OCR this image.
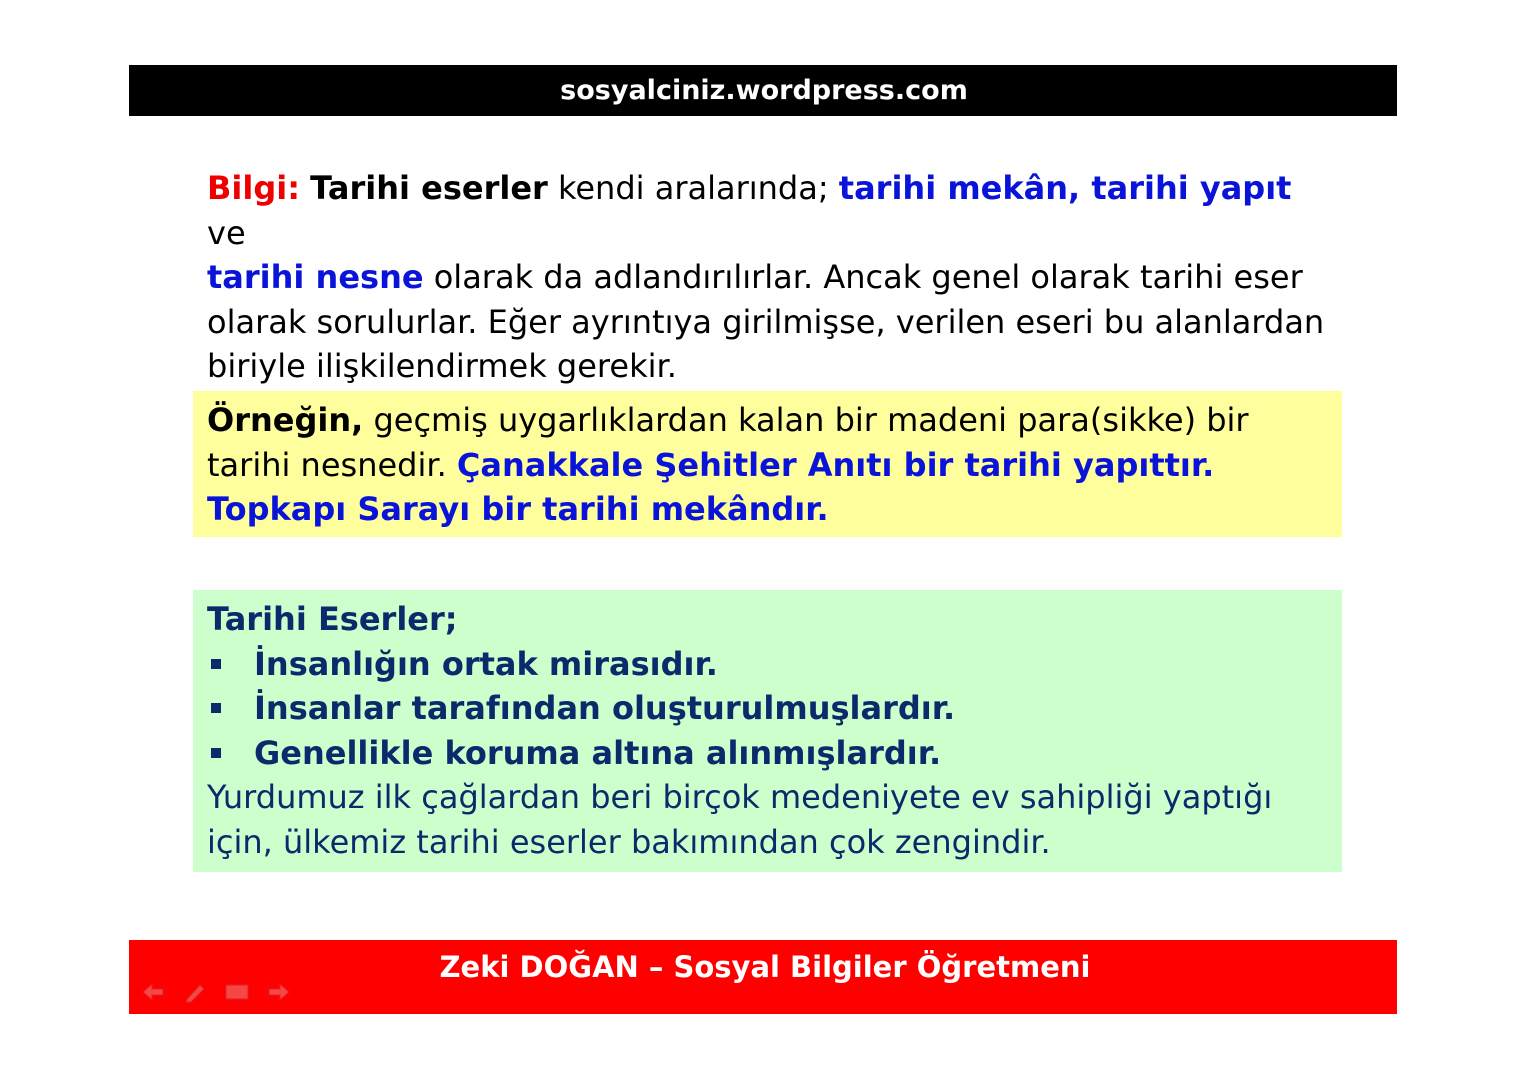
sosyalciniz.wordpress.com
Bilgi: Tarihi eserler kendi aralarında; tarihi mekân, tarihi yapıt ve
tarihi nesne olarak da adlandırılırlar. Ancak genel olarak tarihi eser olarak sorulurlar. Eğer ayrıntıya girilmişse, verilen eseri bu alanlardan biriyle ilişkilendirmek gerekir.
Örneğin, geçmiş uygarlıklardan kalan bir madeni para(sikke) bir tarihi nesnedir. Çanakkale Şehitler Anıtı bir tarihi yapıttır. Topkapı Sarayı bir tarihi mekândır.
Tarihi Eserler;
İnsanlığın ortak mirasıdır.
İnsanlar tarafından oluşturulmuşlardır.
Genellikle koruma altına alınmışlardır.
Yurdumuz ilk çağlardan beri birçok medeniyete ev sahipliği yaptığı için, ülkemiz tarihi eserler bakımından çok zengindir.
Zeki DOĞAN – Sosyal Bilgiler Öğretmeni
